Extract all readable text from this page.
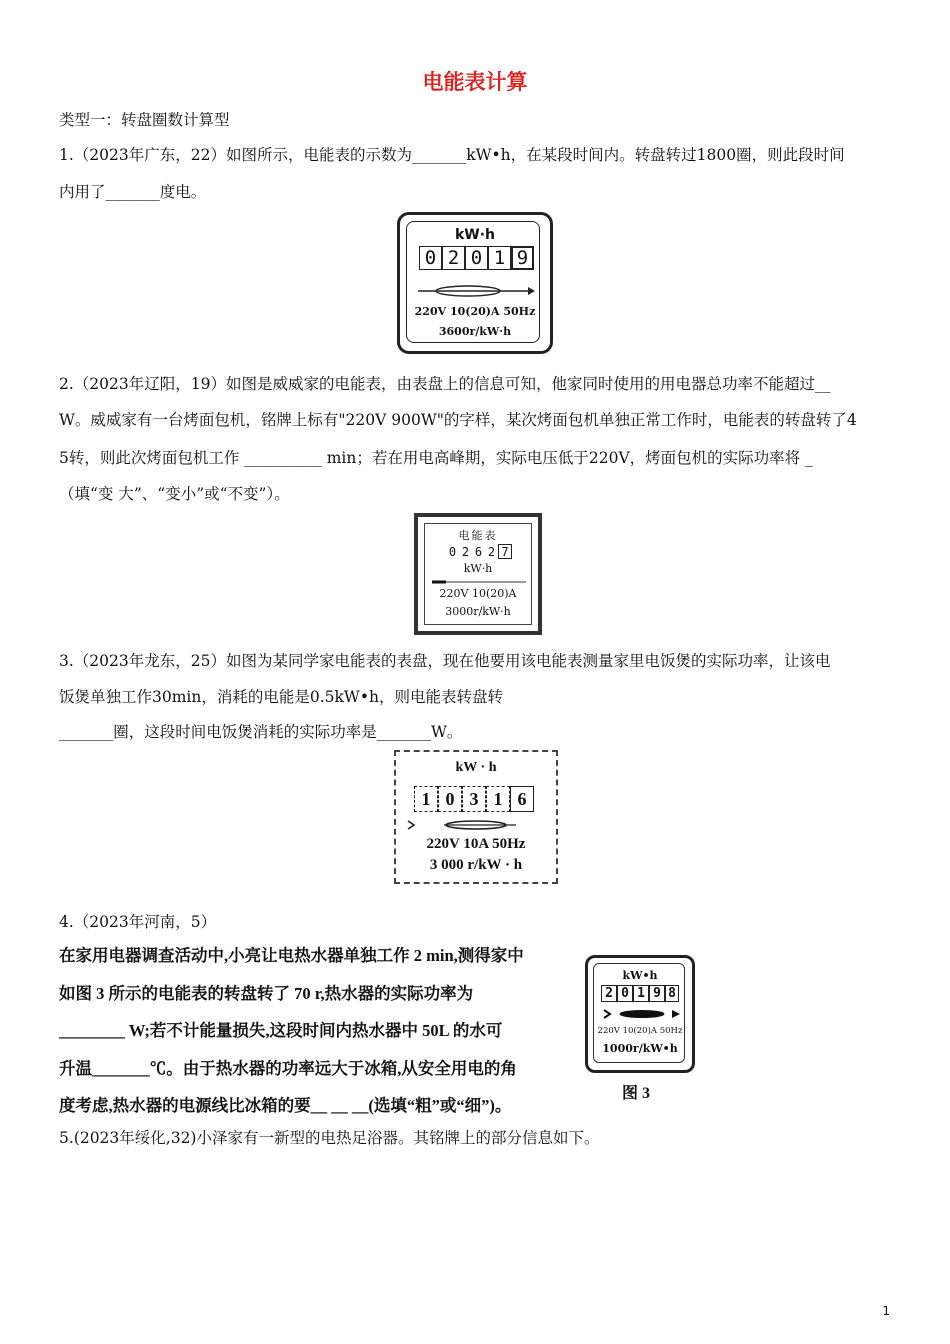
电能表计算
类型一：转盘圈数计算型
1.（2023年广东，22）如图所示，电能表的示数为_______kW•h，在某段时间内。转盘转过1800圈，则此段时间
内用了_______度电。
kW·h
0 2 0 1 9
220V 10(20)A 50Hz
3600r/kW·h
2.（2023年辽阳，19）如图是威威家的电能表，由表盘上的信息可知，他家同时使用的用电器总功率不能超过__
W。威威家有一台烤面包机，铭牌上标有"220V 900W"的字样，某次烤面包机单独正常工作时，电能表的转盘转了4
5转，则此次烤面包机工作 __________ min；若在用电高峰期，实际电压低于220V，烤面包机的实际功率将 _
（填“变 大”、“变小”或“不变”）。
电能表
0 2 6 2 7
kW·h
220V 10(20)A
3000r/kW·h
3.（2023年龙东，25）如图为某同学家电能表的表盘，现在他要用该电能表测量家里电饭煲的实际功率，让该电
饭煲单独工作30min，消耗的电能是0.5kW•h，则电能表转盘转
_______圈，这段时间电饭煲消耗的实际功率是_______W。
kW · h
1 0 3 1 6
220V 10A 50Hz
3 000 r/kW · h
4.（2023年河南，5）
在家用电器调查活动中,小亮让电热水器单独工作 2 min,测得家中
如图 3 所示的电能表的转盘转了 70 r,热水器的实际功率为
________ W;若不计能量损失,这段时间内热水器中 50L 的水可
升温_______℃。由于热水器的功率远大于冰箱,从安全用电的角
度考虑,热水器的电源线比冰箱的要__ __ __(选填“粗”或“细”)。
kW•h
2 0 1 9 8
220V 10(20)A 50Hz
1000r/kW•h
图 3
5.(2023年绥化,32)小泽家有一新型的电热足浴器。其铭牌上的部分信息如下。
1
